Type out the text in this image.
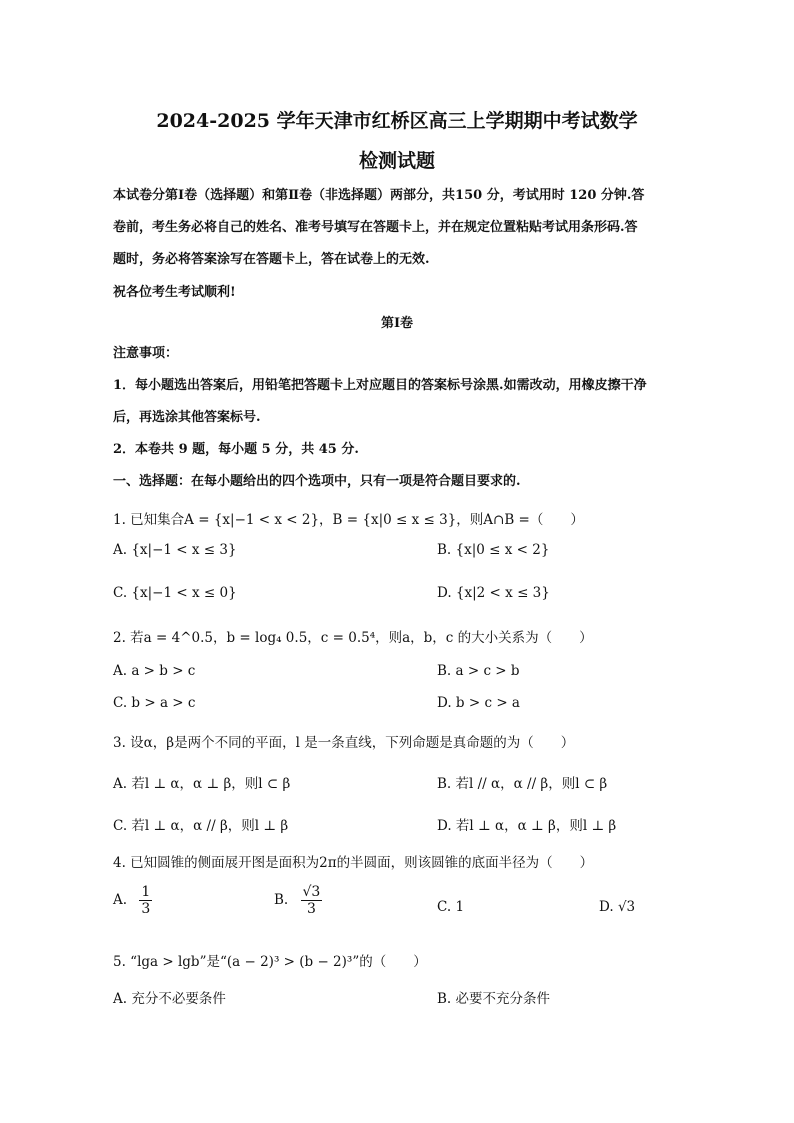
2024-2025 学年天津市红桥区高三上学期期中考试数学
检测试题
本试卷分第Ⅰ卷（选择题）和第Ⅱ卷（非选择题）两部分，共150 分，考试用时 120 分钟.答
卷前，考生务必将自己的姓名、准考号填写在答题卡上，并在规定位置粘贴考试用条形码.答
题时，务必将答案涂写在答题卡上，答在试卷上的无效.
祝各位考生考试顺利!
第Ⅰ卷
注意事项：
1．每小题选出答案后，用铅笔把答题卡上对应题目的答案标号涂黑.如需改动，用橡皮擦干净
后，再选涂其他答案标号.
2．本卷共 9 题，每小题 5 分，共 45 分.
一、选择题：在每小题给出的四个选项中，只有一项是符合题目要求的.
1. 已知集合A = {x|−1 < x < 2}，B = {x|0 ≤ x ≤ 3}，则A∩B =（　　）
A. {x|−1 < x ≤ 3}	B. {x|0 ≤ x < 2}
C. {x|−1 < x ≤ 0}	D. {x|2 < x ≤ 3}
2. 若a = 4^0.5，b = log₄ 0.5，c = 0.5⁴，则a，b，c 的大小关系为（　　）
A. a > b > c	B. a > c > b
C. b > a > c	D. b > c > a
3. 设α，β是两个不同的平面，l 是一条直线，下列命题是真命题的为（　　）
A. 若l ⊥ α，α ⊥ β，则l ⊂ β	B. 若l // α，α // β，则l ⊂ β
C. 若l ⊥ α，α // β，则l ⊥ β	D. 若l ⊥ α，α ⊥ β，则l ⊥ β
4. 已知圆锥的侧面展开图是面积为2π的半圆面，则该圆锥的底面半径为（　　）
A. $\frac{1}{3}$	B. $\frac{√3}{3}$	C. 1	D. √3
5. “lga > lgb”是“(a − 2)³ > (b − 2)³”的（　　）
A. 充分不必要条件	B. 必要不充分条件
